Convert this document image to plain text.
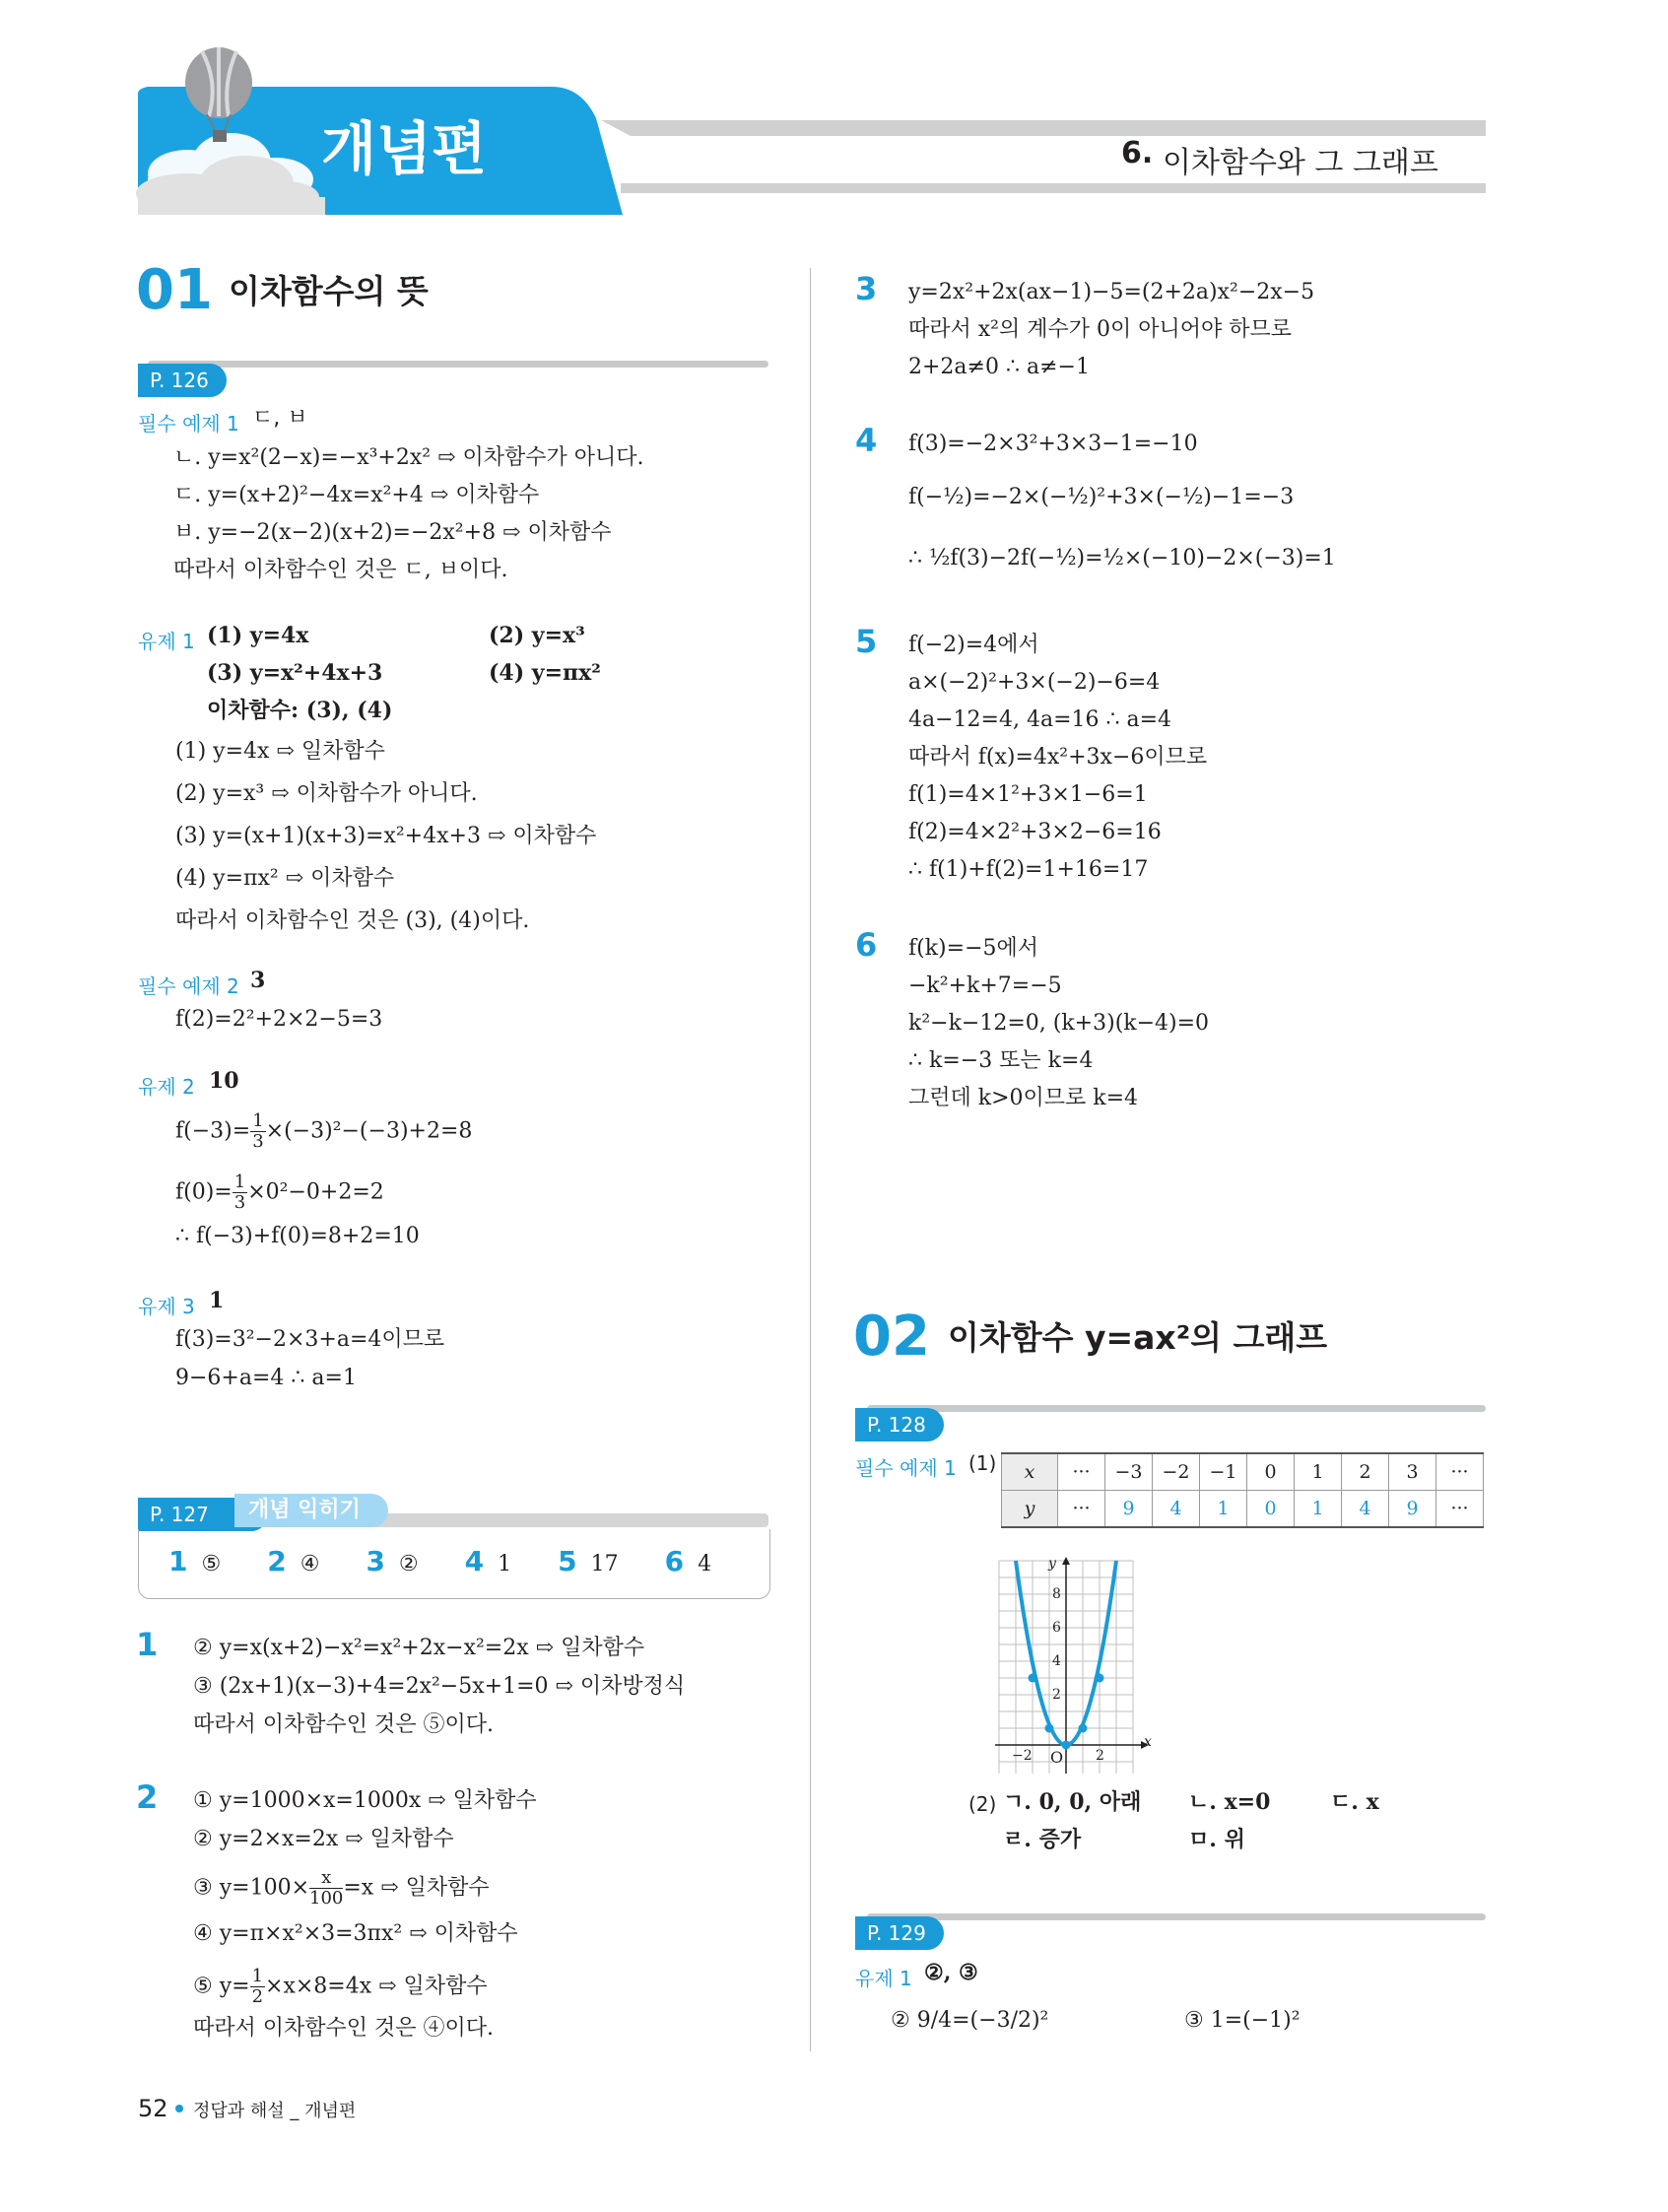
개념편	6. 이차함수와 그 그래프
01 이차함수의 뜻
P. 126
필수 예제 1 ㄷ, ㅂ
ㄴ. y=x²(2−x)=−x³+2x² ⇨ 이차함수가 아니다.
ㄷ. y=(x+2)²−4x=x²+4 ⇨ 이차함수
ㅂ. y=−2(x−2)(x+2)=−2x²+8 ⇨ 이차함수
따라서 이차함수인 것은 ㄷ, ㅂ이다.
유제 1 (1) y=4x	(2) y=x³
(3) y=x²+4x+3	(4) y=πx²
이차함수: (3), (4)
(1) y=4x ⇨ 일차함수
(2) y=x³ ⇨ 이차함수가 아니다.
(3) y=(x+1)(x+3)=x²+4x+3 ⇨ 이차함수
(4) y=πx² ⇨ 이차함수
따라서 이차함수인 것은 (3), (4)이다.
필수 예제 2 3
f(2)=2²+2×2−5=3
유제 2 10
$f(-3)= \frac{1}{3} \times(-3)^2-(-3)+2=8$
$f(0)= \frac{1}{3} \times 0^2-0+2=2$
∴ f(−3)+f(0)=8+2=10
유제 3 1
f(3)=3²−2×3+a=4이므로
9−6+a=4 ∴ a=1
P. 127	개념 익히기
1 ⑤ 2 ④ 3 ② 4 1 5 17 6 4
1 ② y=x(x+2)−x²=x²+2x−x²=2x ⇨ 일차함수
③ (2x+1)(x−3)+4=2x²−5x+1=0 ⇨ 이차방정식
따라서 이차함수인 것은 ⑤이다.
2 ① y=1000×x=1000x ⇨ 일차함수
② y=2×x=2x ⇨ 일차함수
③ $y=100\times \frac{x}{100} =x$ ⇨ 일차함수
④ y=π×x²×3=3πx² ⇨ 이차함수
⑤ $y= \frac{1}{2} \times x\times 8=4x$ ⇨ 일차함수
따라서 이차함수인 것은 ④이다.
3 y=2x²+2x(ax−1)−5=(2+2a)x²−2x−5
따라서 x²의 계수가 0이 아니어야 하므로
2+2a≠0 ∴ a≠−1
4 f(3)=−2×3²+3×3−1=−10
f(−½)=−2×(−½)²+3×(−½)−1=−3
∴ ½f(3)−2f(−½)=½×(−10)−2×(−3)=1
5 f(−2)=4에서
a×(−2)²+3×(−2)−6=4
4a−12=4, 4a=16 ∴ a=4
따라서 f(x)=4x²+3x−6이므로
f(1)=4×1²+3×1−6=1
f(2)=4×2²+3×2−6=16
∴ f(1)+f(2)=1+16=17
6 f(k)=−5에서
−k²+k+7=−5
k²−k−12=0, (k+3)(k−4)=0
∴ k=−3 또는 k=4
그런데 k>0이므로 k=4
02 이차함수 y=ax²의 그래프
P. 128
필수 예제 1 (1) x	···	−3	−2	−1	0	1	2	3	···
y	···	9	4	1	0	1	4	9	···
y
x
O
8
6
4
2
−2	2
(2) ㄱ. 0, 0, 아래 ㄴ. x=0	ㄷ. x
ㄹ. 증가	ㅁ. 위
P. 129
유제 1 ②, ③
② 9/4=(−3/2)²	③ 1=(−1)²
52 정답과 해설 _ 개념편
